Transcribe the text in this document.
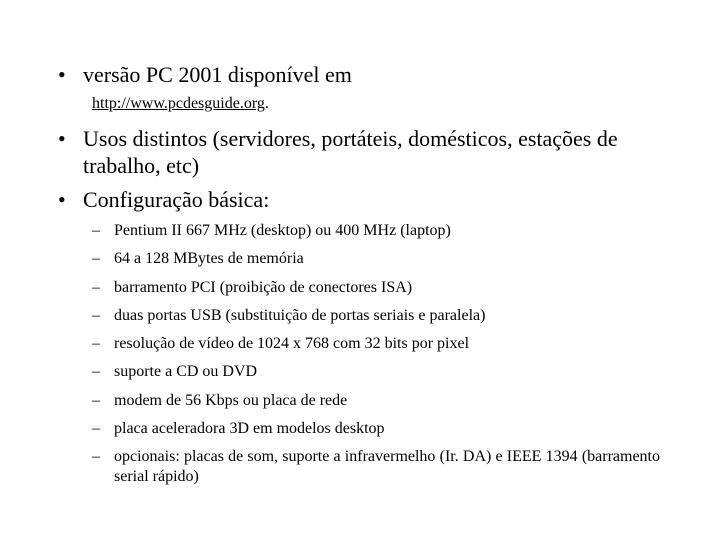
• versão PC 2001 disponível em
http://www.pcdesguide.org.
• Usos distintos (servidores, portáteis, domésticos, estações de trabalho, etc)
• Configuração básica:
– Pentium II 667 MHz (desktop) ou 400 MHz (laptop)
– 64 a 128 MBytes de memória
– barramento PCI (proibição de conectores ISA)
– duas portas USB (substituição de portas seriais e paralela)
– resolução de vídeo de 1024 x 768 com 32 bits por pixel
– suporte a CD ou DVD
– modem de 56 Kbps ou placa de rede
– placa aceleradora 3D em modelos desktop
– opcionais: placas de som, suporte a infravermelho (Ir. DA) e IEEE 1394 (barramento serial rápido)
